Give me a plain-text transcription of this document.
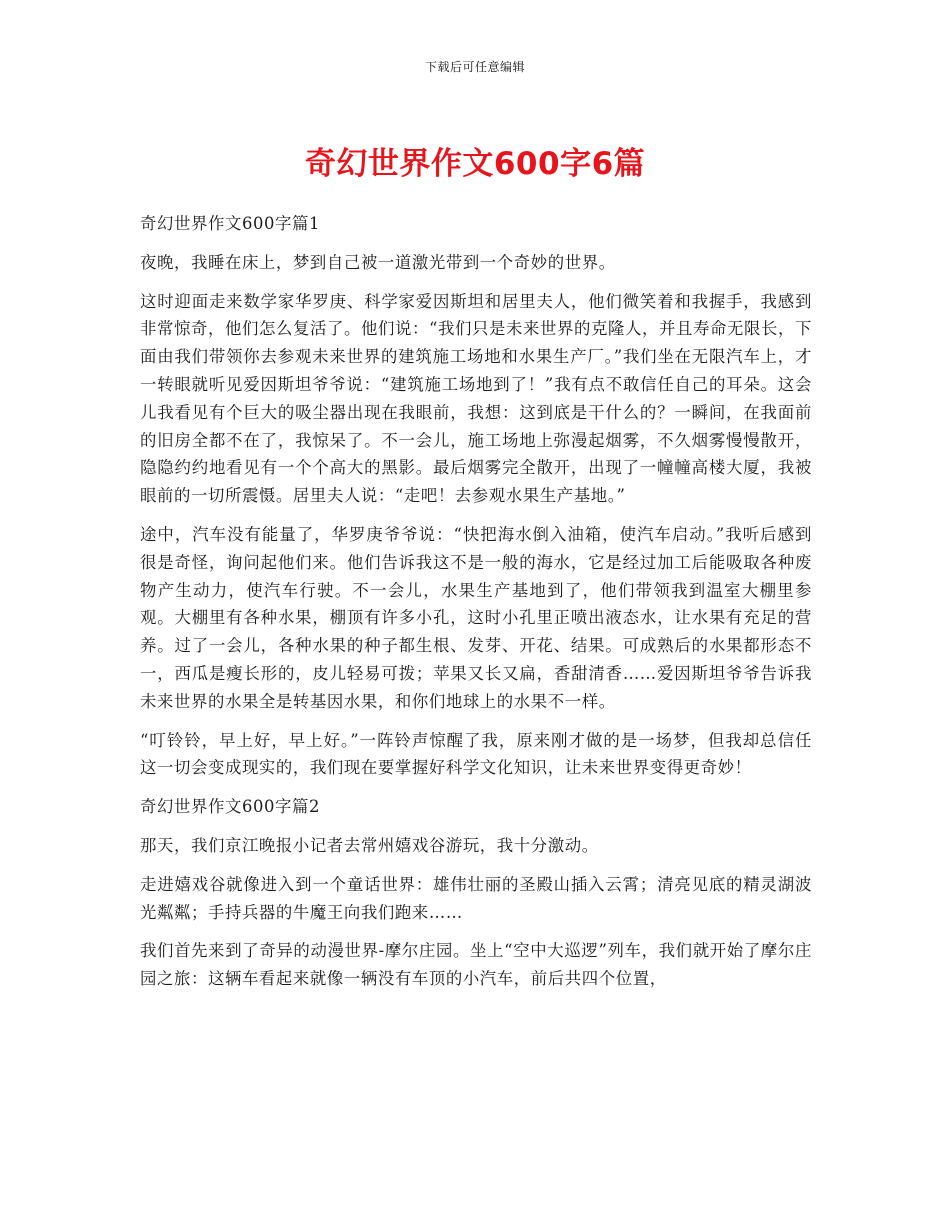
下载后可任意编辑
奇幻世界作文600字6篇

奇幻世界作文600字篇1

夜晚，我睡在床上，梦到自己被一道激光带到一个奇妙的世界。

这时迎面走来数学家华罗庚、科学家爱因斯坦和居里夫人，他们微笑着和我握手，我感到非常惊奇，他们怎么复活了。他们说：“我们只是未来世界的克隆人，并且寿命无限长，下面由我们带领你去参观未来世界的建筑施工场地和水果生产厂。”我们坐在无限汽车上，才一转眼就听见爱因斯坦爷爷说：“建筑施工场地到了！”我有点不敢信任自己的耳朵。这会儿我看见有个巨大的吸尘器出现在我眼前，我想：这到底是干什么的？一瞬间，在我面前的旧房全都不在了，我惊呆了。不一会儿，施工场地上弥漫起烟雾，不久烟雾慢慢散开，隐隐约约地看见有一个个高大的黑影。最后烟雾完全散开，出现了一幢幢高楼大厦，我被眼前的一切所震慑。居里夫人说：“走吧！去参观水果生产基地。”

途中，汽车没有能量了，华罗庚爷爷说：“快把海水倒入油箱，使汽车启动。”我听后感到很是奇怪，询问起他们来。他们告诉我这不是一般的海水，它是经过加工后能吸取各种废物产生动力，使汽车行驶。不一会儿，水果生产基地到了，他们带领我到温室大棚里参观。大棚里有各种水果，棚顶有许多小孔，这时小孔里正喷出液态水，让水果有充足的营养。过了一会儿，各种水果的种子都生根、发芽、开花、结果。可成熟后的水果都形态不一，西瓜是瘦长形的，皮儿轻易可拨；苹果又长又扁，香甜清香……爱因斯坦爷爷告诉我未来世界的水果全是转基因水果，和你们地球上的水果不一样。

“叮铃铃，早上好，早上好。”一阵铃声惊醒了我，原来刚才做的是一场梦，但我却总信任这一切会变成现实的，我们现在要掌握好科学文化知识，让未来世界变得更奇妙！

奇幻世界作文600字篇2

那天，我们京江晚报小记者去常州嬉戏谷游玩，我十分激动。

走进嬉戏谷就像进入到一个童话世界：雄伟壮丽的圣殿山插入云霄；清亮见底的精灵湖波光粼粼；手持兵器的牛魔王向我们跑来……

我们首先来到了奇异的动漫世界-摩尔庄园。坐上“空中大巡逻”列车，我们就开始了摩尔庄园之旅：这辆车看起来就像一辆没有车顶的小汽车，前后共四个位置，
